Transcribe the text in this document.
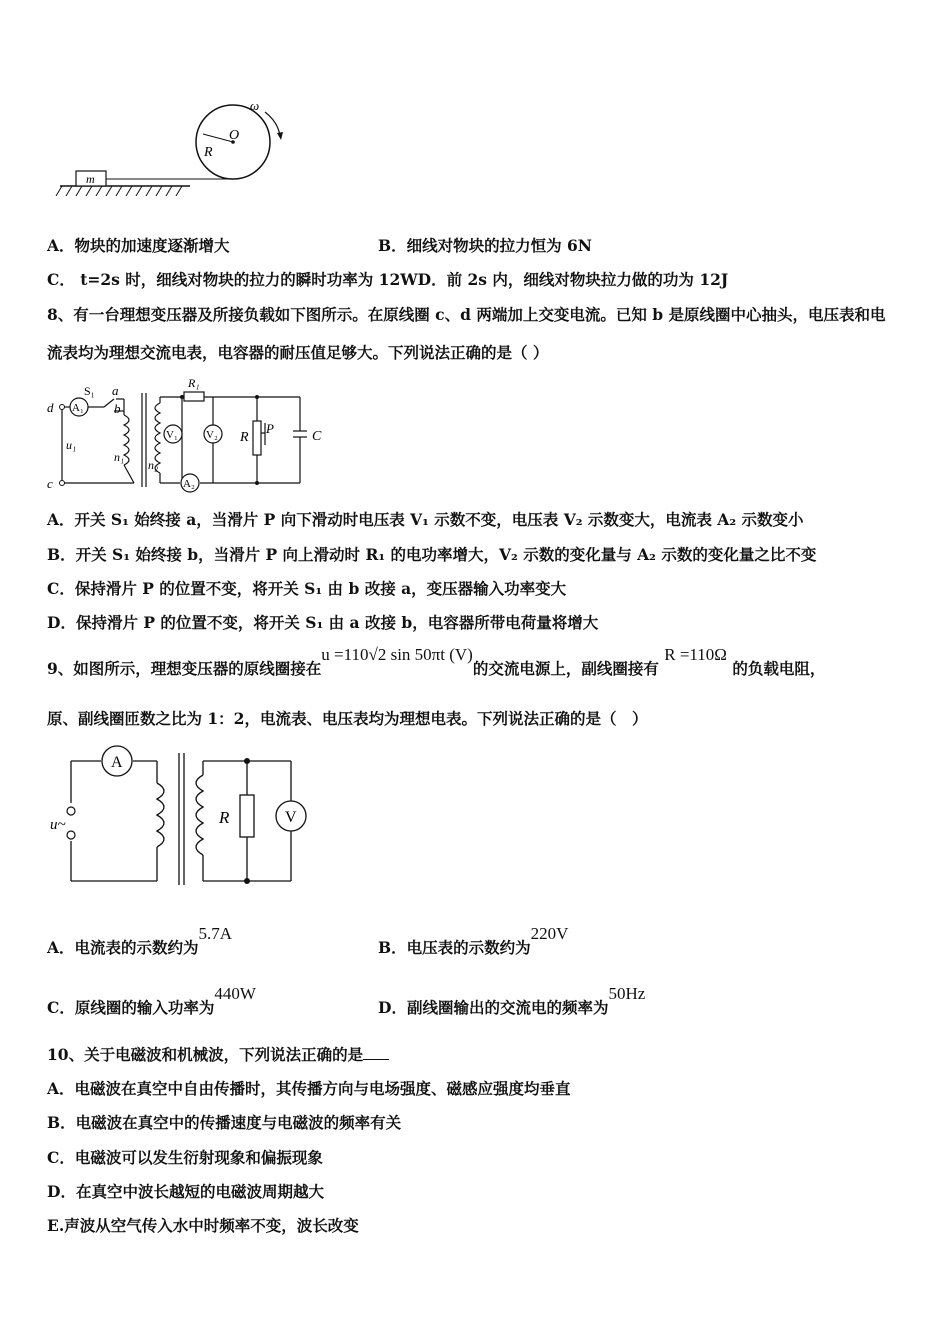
m
O
R
ω
A．物块的加速度逐渐增大	B．细线对物块的拉力恒为 6N
C． t=2s 时，细线对物块的拉力的瞬时功率为 12WD．前 2s 内，细线对物块拉力做的功为 12J
8、有一台理想变压器及所接负载如下图所示。在原线圈 c、d 两端加上交变电流。已知 b 是原线圈中心抽头，电压表和电
流表均为理想交流电表，电容器的耐压值足够大。下列说法正确的是（ ）
A₁
V₁	V₂
A₂
d
c
S₁ a
b
u₁
n₁
n₂
R₁
R
P
C
A．开关 S₁ 始终接 a，当滑片 P 向下滑动时电压表 V₁ 示数不变，电压表 V₂ 示数变大，电流表 A₂ 示数变小
B．开关 S₁ 始终接 b，当滑片 P 向上滑动时 R₁ 的电功率增大，V₂ 示数的变化量与 A₂ 示数的变化量之比不变
C．保持滑片 P 的位置不变，将开关 S₁ 由 b 改接 a，变压器输入功率变大
D．保持滑片 P 的位置不变，将开关 S₁ 由 a 改接 b，电容器所带电荷量将增大
9、如图所示，理想变压器的原线圈接在u =110√2 sin 50πt (V)的交流电源上，副线圈接有 R =110Ω 的负载电阻，
原、副线圈匝数之比为 1：2，电流表、电压表均为理想电表。下列说法正确的是（　）
A
V
u~	R
A．电流表的示数约为5.7A
B．电压表的示数约为220V
C．原线圈的输入功率为440W
D．副线圈输出的交流电的频率为50Hz
10、关于电磁波和机械波，下列说法正确的是
A．电磁波在真空中自由传播时，其传播方向与电场强度、磁感应强度均垂直
B．电磁波在真空中的传播速度与电磁波的频率有关
C．电磁波可以发生衍射现象和偏振现象
D．在真空中波长越短的电磁波周期越大
E.声波从空气传入水中时频率不变，波长改变
